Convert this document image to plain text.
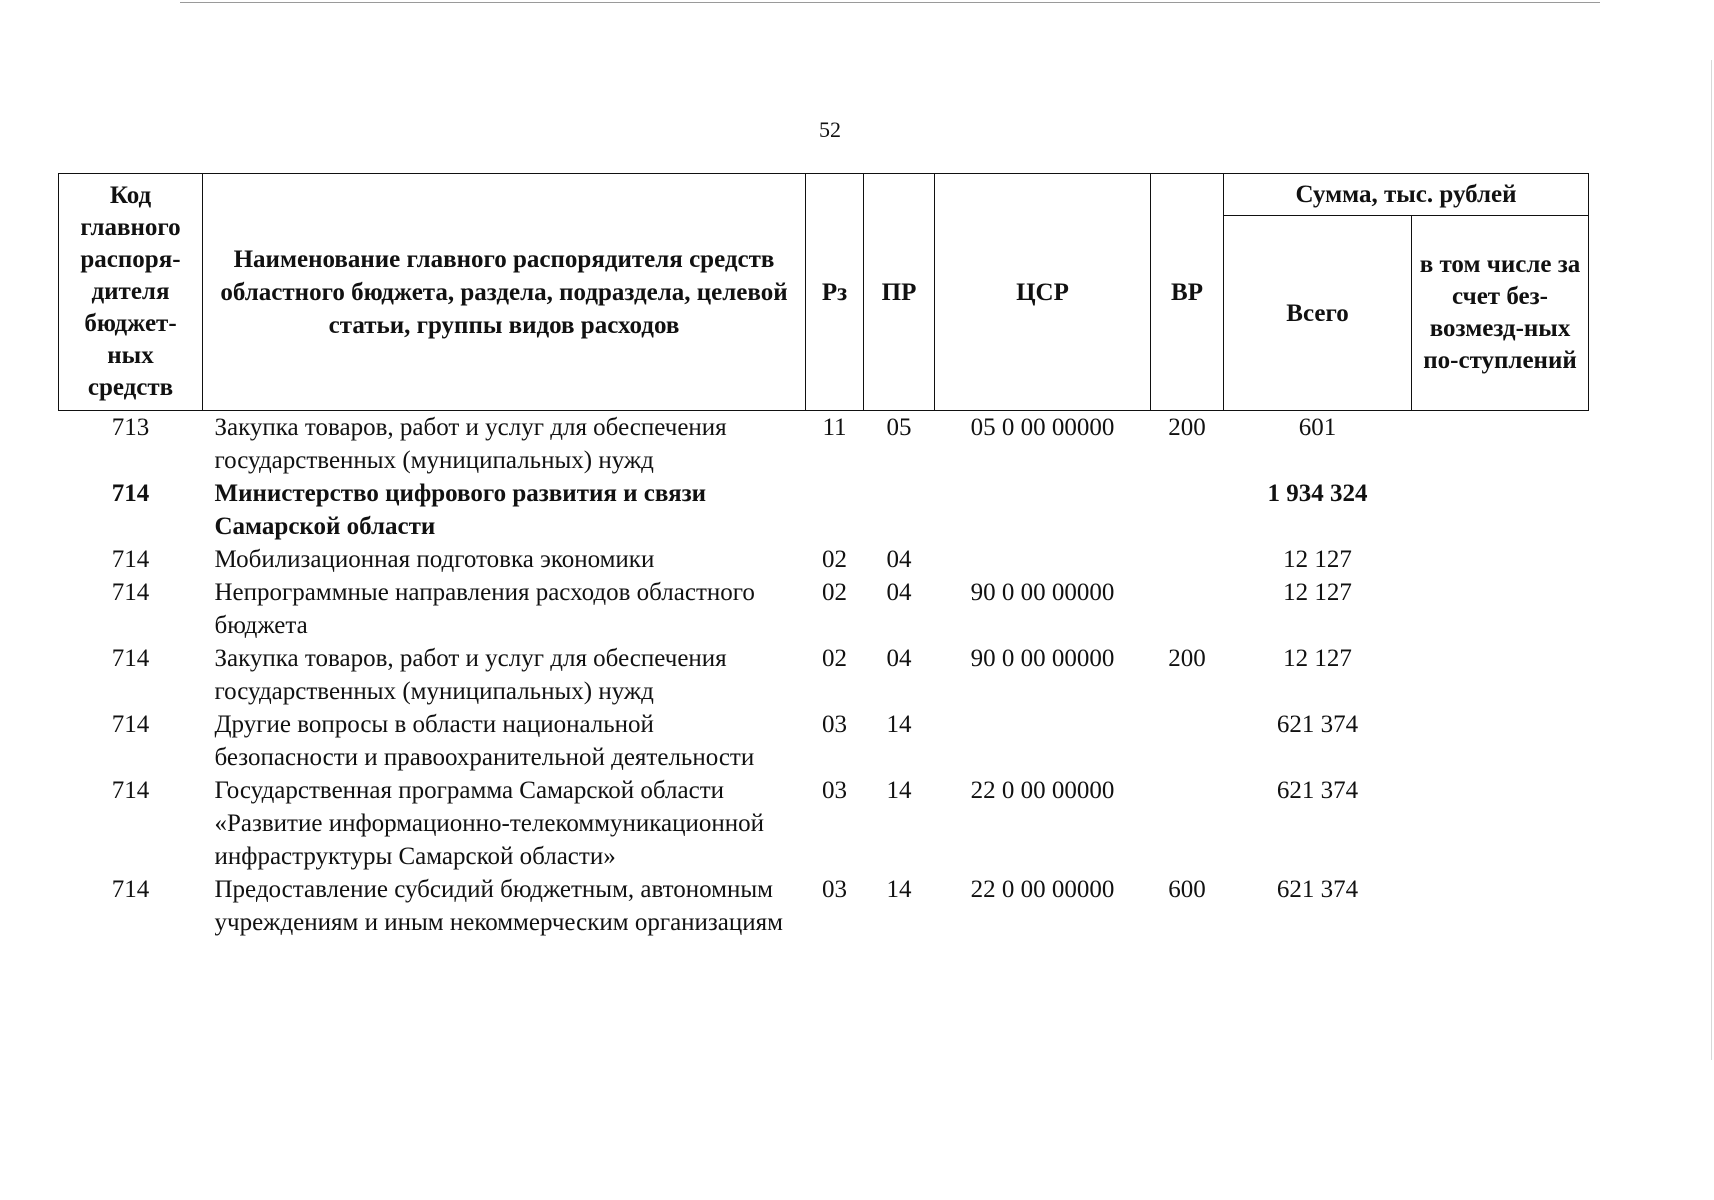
52
Код главного распоря-дителя бюджет-ных средств	Наименование главного распорядителя средств областного бюджета, раздела, подраздела, целевой статьи, группы видов расходов	Рз	ПР	ЦСР	ВР	Сумма, тыс. рублей	
						Всего	в том числе за счет без-возмезд-ных по-ступлений
713	Закупка товаров, работ и услуг для обеспечения государственных (муниципальных) нужд	11	05	05 0 00 00000	200	601	
714	Министерство цифрового развития и связи Самарской области					1 934 324	
714	Мобилизационная подготовка экономики	02	04			12 127	
714	Непрограммные направления расходов областного бюджета	02	04	90 0 00 00000		12 127	
714	Закупка товаров, работ и услуг для обеспечения государственных (муниципальных) нужд	02	04	90 0 00 00000	200	12 127	
714	Другие вопросы в области национальной безопасности и правоохранительной деятельности	03	14			621 374	
714	Государственная программа Самарской области «Развитие информационно-телекоммуникационной инфраструктуры Самарской области»	03	14	22 0 00 00000		621 374	
714	Предоставление субсидий бюджетным, автономным учреждениям и иным некоммерческим организациям	03	14	22 0 00 00000	600	621 374	
